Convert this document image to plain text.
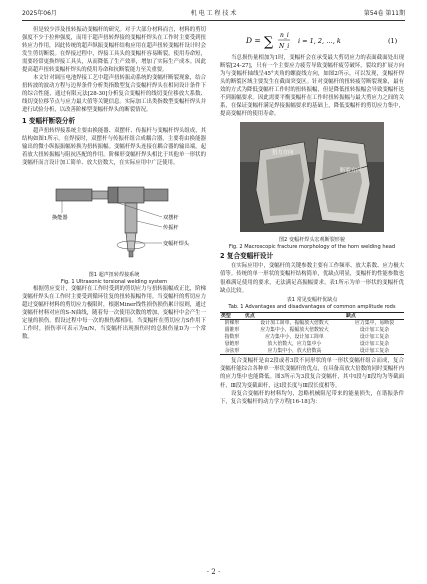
2025年06月	机 电 工 程 技 术	第54卷 第11期

但是较少涉及扭转振动变幅杆的研究。对于大部分材料而言，材料的剪切强度不少于拉伸强度，而用于超声扭转焊接的变幅杆焊头在工作时主要受到扭转应力作用，因此传统的超声纵振变幅杆结构应用在超声扭转变幅杆设计时会发生剪切断裂。在焊接过程中，焊接工具头的变幅杆容易断裂，使用寿命短，需要经常更换焊接工具头，从而降低了生产效率，增加了实际生产成本。因此提高超声扭转变幅杆焊头的使用寿命和抗断裂能力至关重要。

本文针对调压电池焊接工艺中超声扭转振动系统的变幅杆断裂现象，结合扭转波的波动方程与边界条件分析类指数型复合变幅杆焊头在相同设计条件下的综合性能，通过有限元法[28-30]分析复合变幅杆的线切变位移放大系数、线切变位移节点与应力最大值等关键信息。实际加工出类指数型变幅杆焊头并进行试验分析，以改善阶梯型变幅杆焊头的断裂情况。

1 变幅杆断裂分析

超声扭转焊接系统主要由换能器、双摆杆、传振杆与变幅杆焊头组成，其结构如图1所示。在焊接时，双摆杆与传振杆组合成耦合器，主要将由换能器输出的微小纵振振幅转换为扭转振幅。变幅杆焊头连接在耦合器的输出端，起着放大扭转振幅与阻抗匹配的作用。阶梯形变幅杆焊头相比于其他单一形状的变幅杆而言设计加工简单、放大倍数大，在实际应用中广泛使用。

换能器	双摆杆
传振杆
变幅杆焊头
图1 超声扭转焊接系统
Fig. 1 Ultrasonic torsional welding system

根据剪应变计，变幅杆在工作时受到的剪切应力与扭转振幅成正比，阶梯变幅杆焊头在工作时主要受到循环往复的扭转振幅作用。当变幅杆的剪切应力超过变幅杆材料的剪切应力极限时，根据Miner线性损伤损伤累计原则，通过变幅杆材料对应的S-N曲线，随着每一次使用次数的增加，变幅杆中会产生一定量的损伤。假设过程中每一次的损伤都相同。当变幅杆在剪切应力S作用下工作时，损伤率可表示为n/N，当变幅杆出现损伤时的总损伤量D为一个常数。

D = ∑ n_i
N_i
i = 1, 2, …, k	(1)

当总损伤量相加为1时，变幅杆会在承受最大剪切应力的表面截面处出现断裂[24-27]，只有一个主要应力疲劳导致变幅杆疲劳破坏，裂纹的扩展方向为与变幅杆轴线呈45°夹角的螺旋线方向，如图2所示。可以发现，变幅杆焊头的断裂区域主要发生在截面突变区。针对变幅杆的扭转疲劳断裂现象，最有效的方式为降低变幅杆工作时的扭转振幅，但是降低扭转振幅会导致变幅杆达不到振幅要求。因此需要平衡变幅杆在工作时扭转振幅与最大剪应力之间的关系，在保证变幅杆满足焊接振幅要求的基础上，降低变幅杆的剪切应力集中，提高变幅杆的使用寿命。

扭力方向
断裂方向
图2 变幅杆焊头宏观断裂形貌
Fig. 2 Macroscopic fracture morphology of the horn welding head
2 复合变幅杆设计

在实际应用中，变幅杆的关键参数主要有工作频率、放大系数、应力极大值等。传统的单一形状的变幅杆结构简单，优缺点明显，变幅杆的性能参数也很难满足使用的要求，无法满足高振幅要求。表1所示为单一形状的变幅杆优缺点比较。

表1 常见变幅杆优缺点
Tab. 1 Advantages and disadvantages of common amplitude rods
类型	优点	缺点
阶梯形	设计加工简单，振幅放大倍数大	应力集中，易断裂
圆锥形	应力集中小，振幅放大倍数较大	设计加工复杂
指数形	应力集中小，设计加工简单	设计加工复杂
悬链形	放大倍数大，应力集中小	设计加工复杂
余弦形	应力集中小，放大倍数高	设计加工复杂

复合变幅杆是由2段或者3段不同形状的单一形状变幅杆组合而成，复合变幅杆能综合各种单一形状变幅杆的优点，在具备高放大倍数的同时变幅杆内的应力集中也能降低。图3所示为3段复合变幅杆，其中Ⅰ段与Ⅱ段均为等截面杆，Ⅲ段为变截面杆，这Ⅰ段长度与Ⅲ段长度相等。

设复合变幅杆的材料均匀，忽略机械阻尼带来的能量损失，在谐振条件下，复合变幅杆的动力学方程[16-18]为：

· 2 ·
